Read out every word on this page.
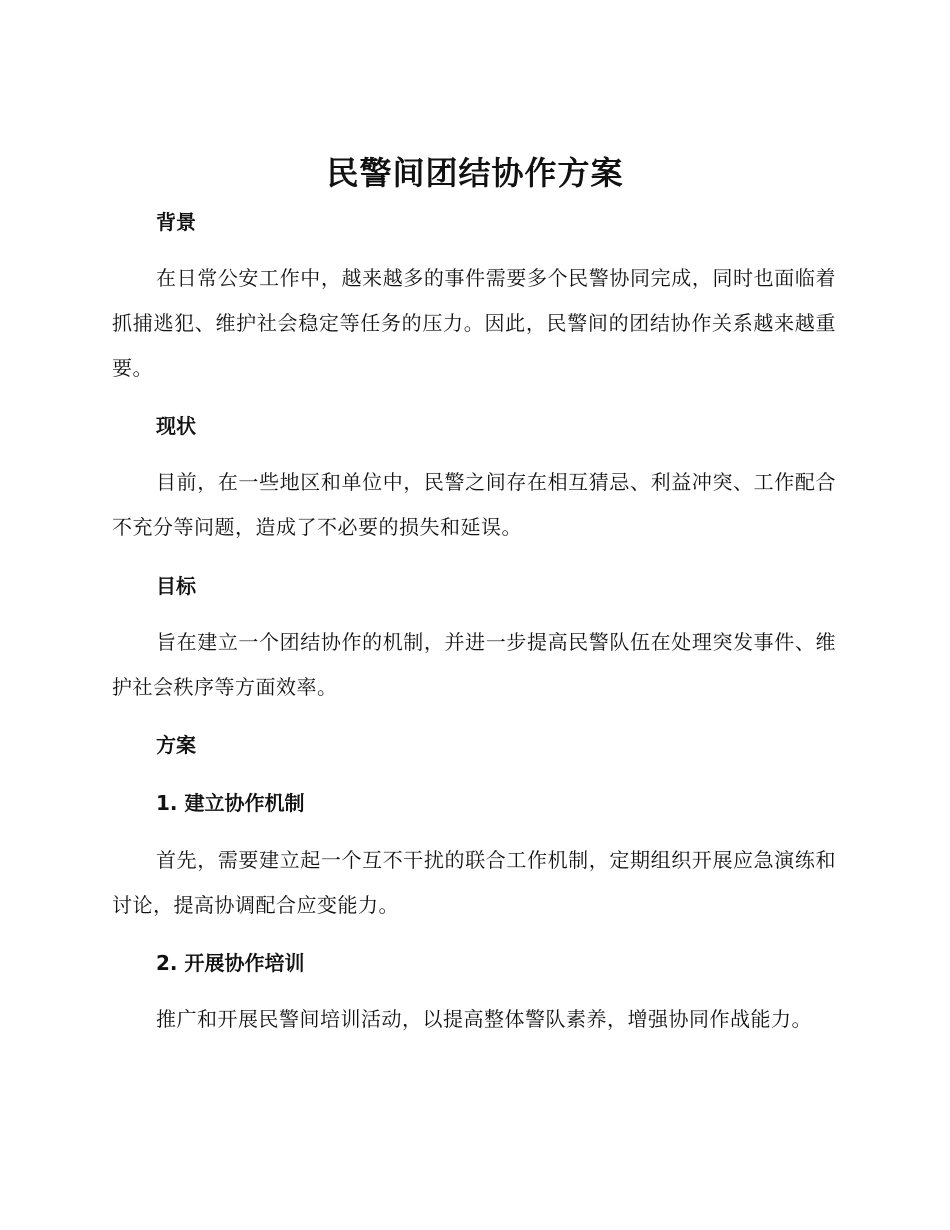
民警间团结协作方案
背景

在日常公安工作中，越来越多的事件需要多个民警协同完成，同时也面临着抓捕逃犯、维护社会稳定等任务的压力。因此，民警间的团结协作关系越来越重要。

现状

目前，在一些地区和单位中，民警之间存在相互猜忌、利益冲突、工作配合不充分等问题，造成了不必要的损失和延误。

目标

旨在建立一个团结协作的机制，并进一步提高民警队伍在处理突发事件、维护社会秩序等方面效率。

方案
1. 建立协作机制

首先，需要建立起一个互不干扰的联合工作机制，定期组织开展应急演练和讨论，提高协调配合应变能力。

2. 开展协作培训

推广和开展民警间培训活动，以提高整体警队素养，增强协同作战能力。
